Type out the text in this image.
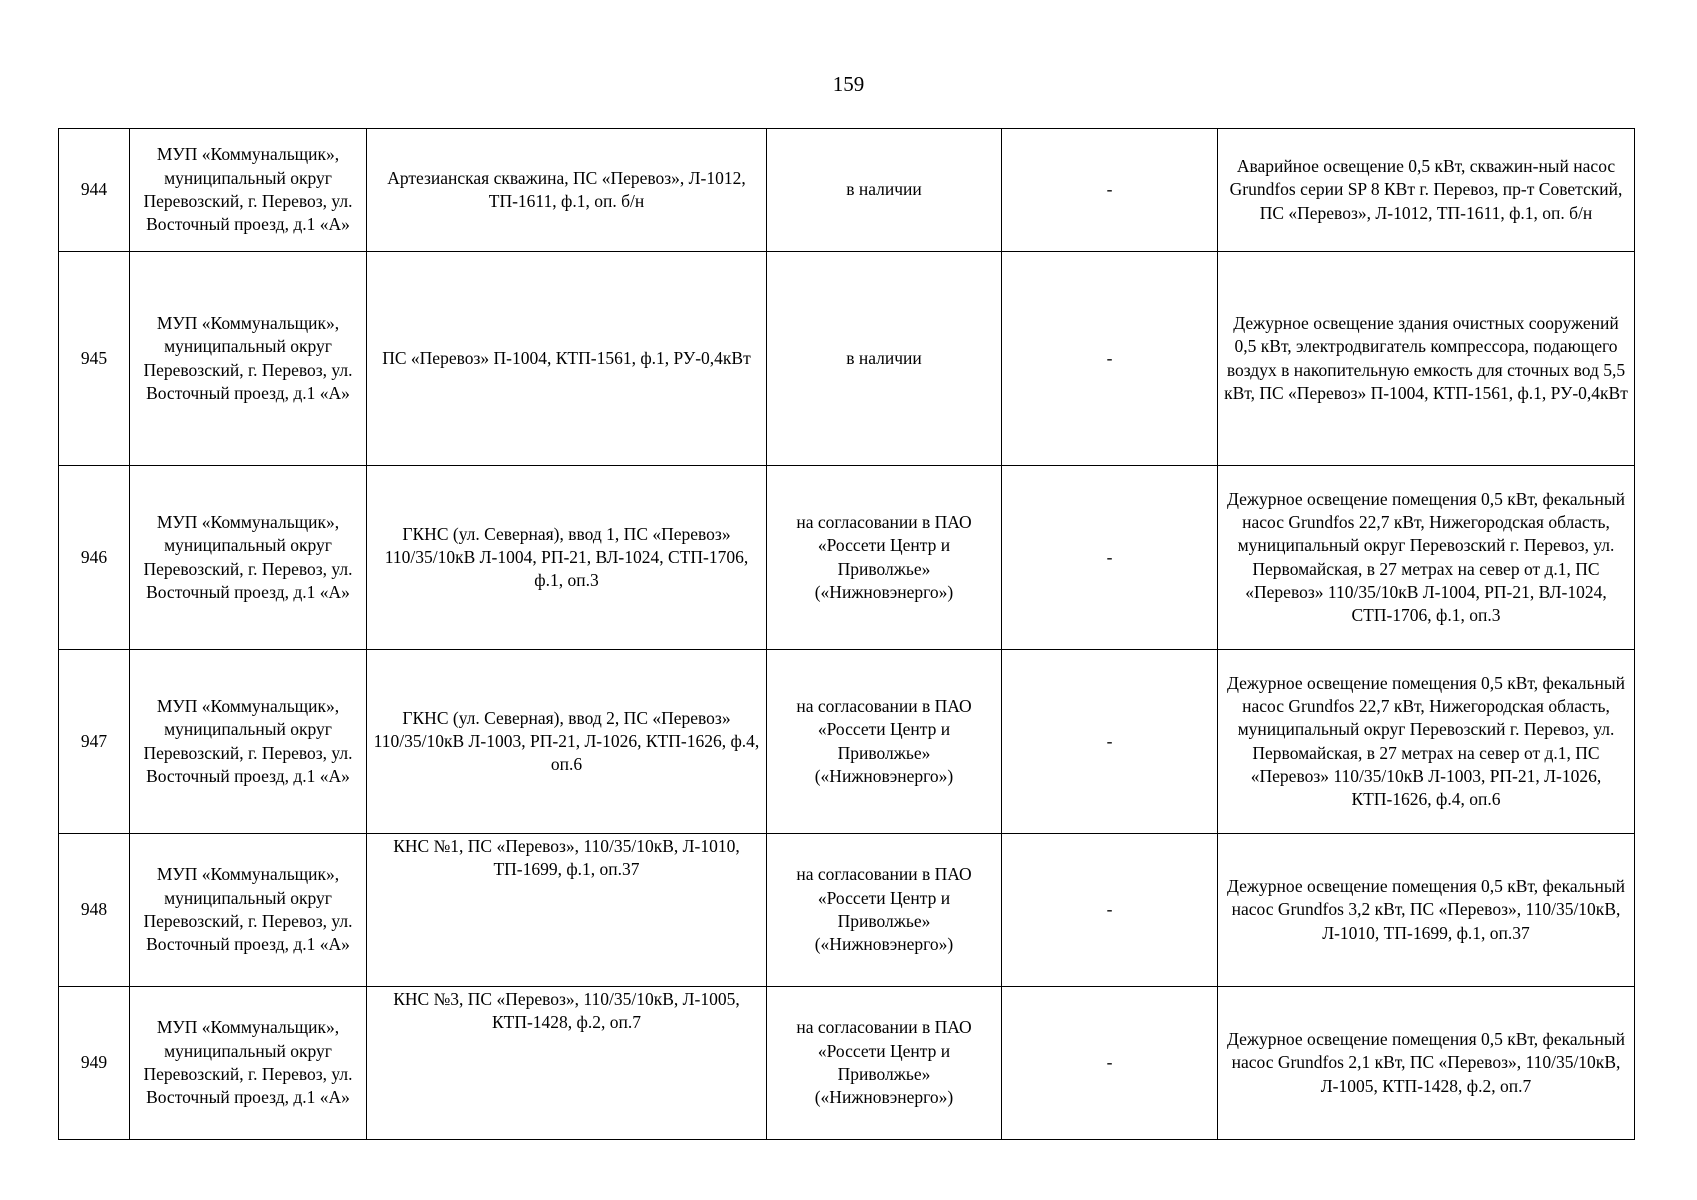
159
944	МУП «Коммунальщик», муниципальный округ Перевозский, г. Перевоз, ул. Восточный проезд, д.1 «А»	Артезианская скважина, ПС «Перевоз», Л-1012, ТП-1611, ф.1, оп. б/н	в наличии	-	Аварийное освещение 0,5 кВт, скважин-ный насос Grundfos серии SP 8 КВт г. Перевоз, пр-т Советский, ПС «Перевоз», Л-1012, ТП-1611, ф.1, оп. б/н
945	МУП «Коммунальщик», муниципальный округ Перевозский, г. Перевоз, ул. Восточный проезд, д.1 «А»	ПС «Перевоз» П-1004, КТП-1561, ф.1, РУ-0,4кВт	в наличии	-	Дежурное освещение здания очистных сооружений 0,5 кВт, электродвигатель компрессора, подающего воздух в накопительную емкость для сточных вод 5,5 кВт, ПС «Перевоз» П-1004, КТП-1561, ф.1, РУ-0,4кВт
946	МУП «Коммунальщик», муниципальный округ Перевозский, г. Перевоз, ул. Восточный проезд, д.1 «А»	ГКНС (ул. Северная), ввод 1, ПС «Перевоз» 110/35/10кВ Л-1004, РП-21, ВЛ-1024, СТП-1706, ф.1, оп.3	на согласовании в ПАО «Россети Центр и Приволжье» («Нижновэнерго»)	-	Дежурное освещение помещения 0,5 кВт, фекальный насос Grundfos 22,7 кВт, Нижегородская область, муниципальный округ Перевозский г. Перевоз, ул. Первомайская, в 27 метрах на север от д.1, ПС «Перевоз» 110/35/10кВ Л-1004, РП-21, ВЛ-1024, СТП-1706, ф.1, оп.3
947	МУП «Коммунальщик», муниципальный округ Перевозский, г. Перевоз, ул. Восточный проезд, д.1 «А»	ГКНС (ул. Северная), ввод 2, ПС «Перевоз» 110/35/10кВ Л-1003, РП-21, Л-1026, КТП-1626, ф.4, оп.6	на согласовании в ПАО «Россети Центр и Приволжье» («Нижновэнерго»)	-	Дежурное освещение помещения 0,5 кВт, фекальный насос Grundfos 22,7 кВт, Нижегородская область, муниципальный округ Перевозский г. Перевоз, ул. Первомайская, в 27 метрах на север от д.1, ПС «Перевоз» 110/35/10кВ Л-1003, РП-21, Л-1026, КТП-1626, ф.4, оп.6
948	МУП «Коммунальщик», муниципальный округ Перевозский, г. Перевоз, ул. Восточный проезд, д.1 «А»	КНС №1, ПС «Перевоз», 110/35/10кВ, Л-1010, ТП-1699, ф.1, оп.37	на согласовании в ПАО «Россети Центр и Приволжье» («Нижновэнерго»)	-	Дежурное освещение помещения 0,5 кВт, фекальный насос Grundfos 3,2 кВт, ПС «Перевоз», 110/35/10кВ, Л-1010, ТП-1699, ф.1, оп.37
949	МУП «Коммунальщик», муниципальный округ Перевозский, г. Перевоз, ул. Восточный проезд, д.1 «А»	КНС №3, ПС «Перевоз», 110/35/10кВ, Л-1005, КТП-1428, ф.2, оп.7	на согласовании в ПАО «Россети Центр и Приволжье» («Нижновэнерго»)	-	Дежурное освещение помещения 0,5 кВт, фекальный насос Grundfos 2,1 кВт, ПС «Перевоз», 110/35/10кВ, Л-1005, КТП-1428, ф.2, оп.7
